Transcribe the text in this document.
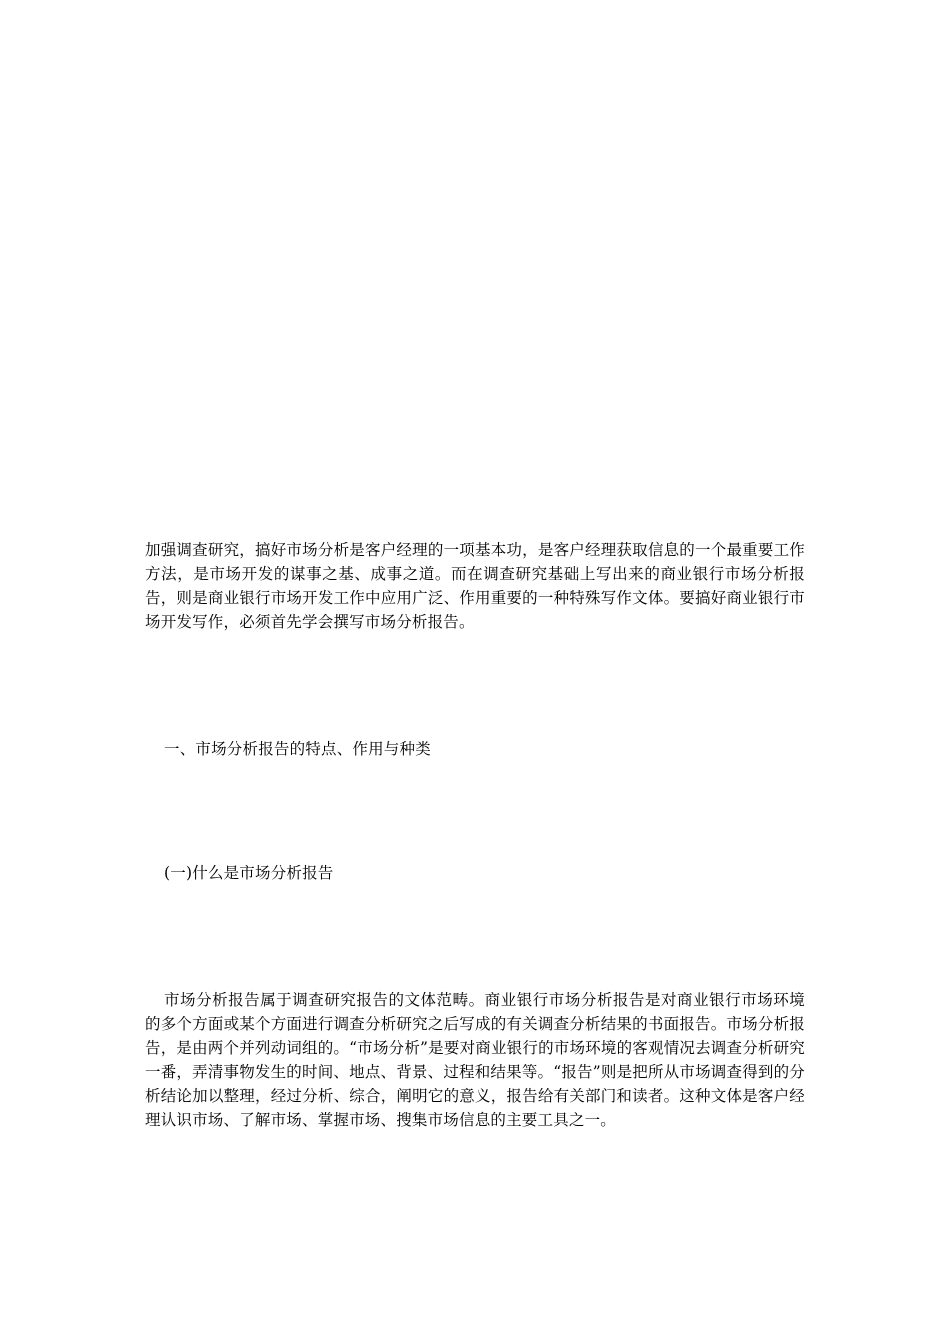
加强调查研究，搞好市场分析是客户经理的一项基本功，是客户经理获取信息的一个最重要工作方法，是市场开发的谋事之基、成事之道。而在调查研究基础上写出来的商业银行市场分析报告，则是商业银行市场开发工作中应用广泛、作用重要的一种特殊写作文体。要搞好商业银行市场开发写作，必须首先学会撰写市场分析报告。

一、市场分析报告的特点、作用与种类

(一)什么是市场分析报告

市场分析报告属于调查研究报告的文体范畴。商业银行市场分析报告是对商业银行市场环境的多个方面或某个方面进行调查分析研究之后写成的有关调查分析结果的书面报告。市场分析报告，是由两个并列动词组的。“市场分析”是要对商业银行的市场环境的客观情况去调查分析研究一番，弄清事物发生的时间、地点、背景、过程和结果等。“报告”则是把所从市场调查得到的分析结论加以整理，经过分析、综合，阐明它的意义，报告给有关部门和读者。这种文体是客户经理认识市场、了解市场、掌握市场、搜集市场信息的主要工具之一。
